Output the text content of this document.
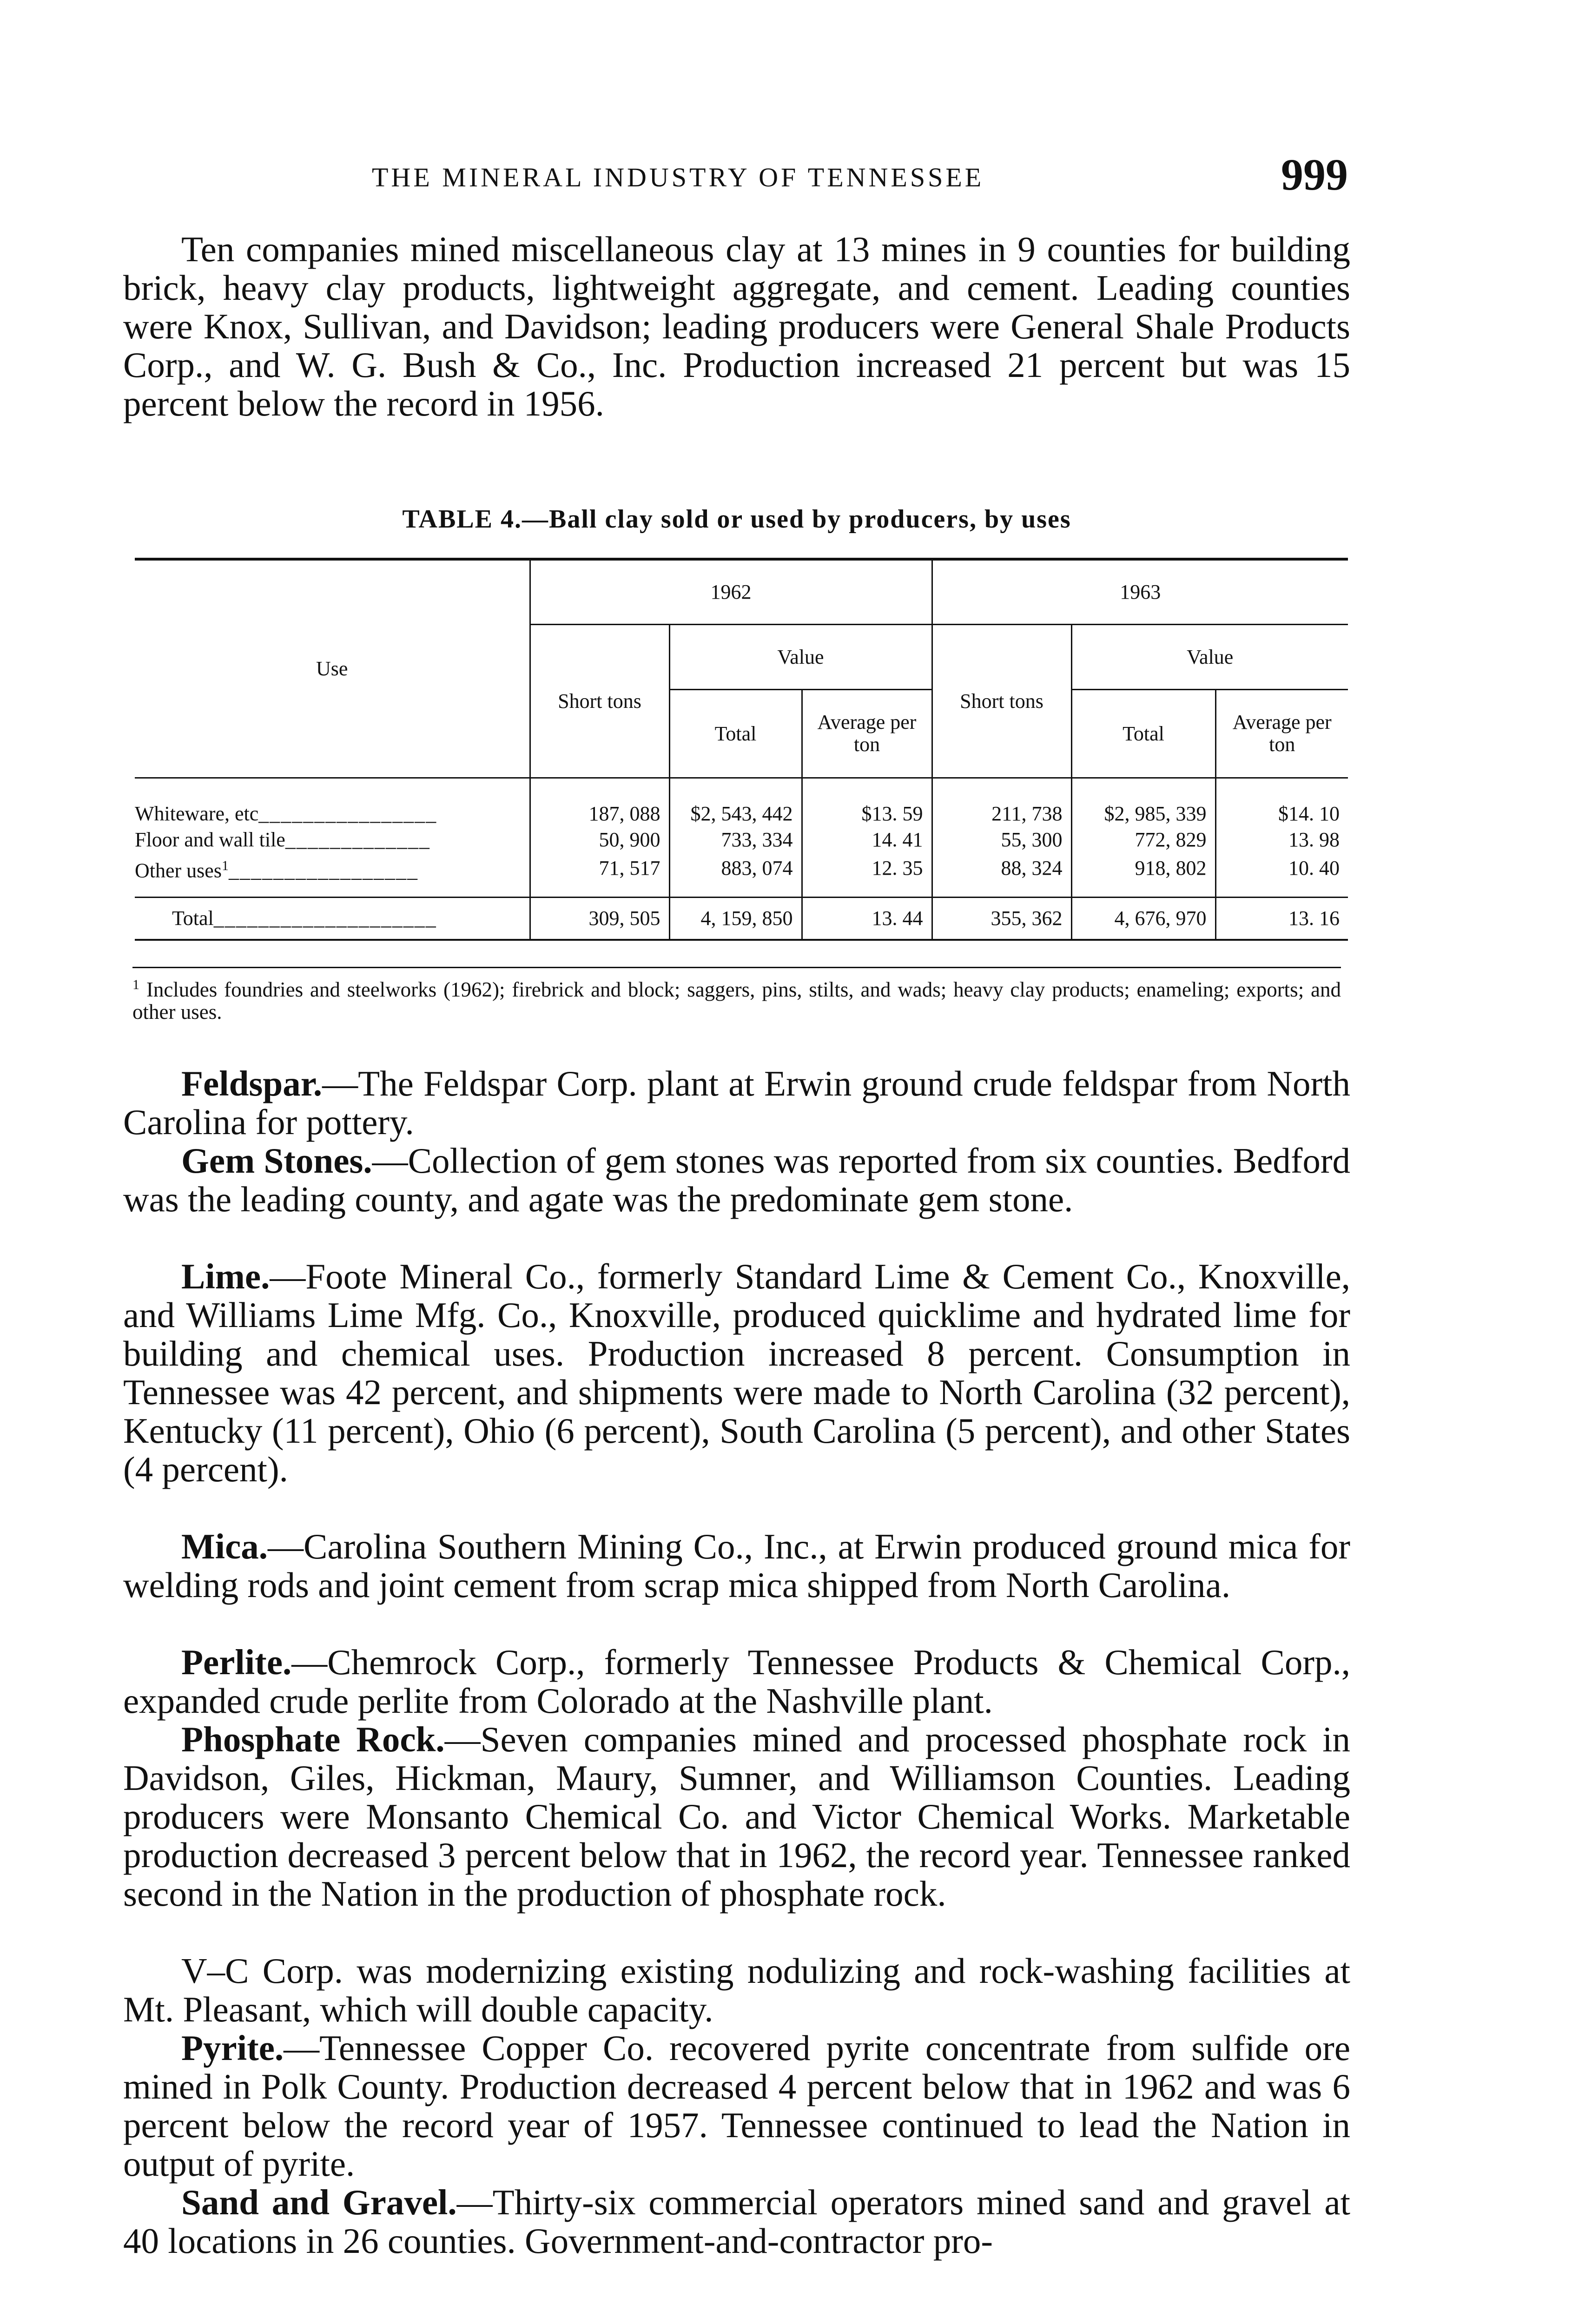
THE MINERAL INDUSTRY OF TENNESSEE	999

Ten companies mined miscellaneous clay at 13 mines in 9 counties for building brick, heavy clay products, lightweight aggregate, and cement. Leading counties were Knox, Sullivan, and Davidson; leading producers were General Shale Products Corp., and W. G. Bush & Co., Inc. Production increased 21 percent but was 15 percent below the record in 1956.

TABLE 4.—Ball clay sold or used by producers, by uses
Use	1962			1963		
	Short tons	Value		Short tons	Value	
		Total	Average per ton		Total	Average per ton
Whiteware, etc________________	187, 088	$2, 543, 442	$13. 59	211, 738	$2, 985, 339	$14. 10
Floor and wall tile_____________	50, 900	733, 334	14. 41	55, 300	772, 829	13. 98
Other uses$^1$_________________	71, 517	883, 074	12. 35	88, 324	918, 802	10. 40
Total____________________	309, 505	4, 159, 850	13. 44	355, 362	4, 676, 970	13. 16

$^1$ Includes foundries and steelworks (1962); firebrick and block; saggers, pins, stilts, and wads; heavy clay products; enameling; exports; and other uses.

Feldspar.—The Feldspar Corp. plant at Erwin ground crude feldspar from North Carolina for pottery.

Gem Stones.—Collection of gem stones was reported from six counties. Bedford was the leading county, and agate was the predominate gem stone.

Lime.—Foote Mineral Co., formerly Standard Lime & Cement Co., Knoxville, and Williams Lime Mfg. Co., Knoxville, produced quicklime and hydrated lime for building and chemical uses. Production increased 8 percent. Consumption in Tennessee was 42 percent, and shipments were made to North Carolina (32 percent), Kentucky (11 percent), Ohio (6 percent), South Carolina (5 percent), and other States (4 percent).

Mica.—Carolina Southern Mining Co., Inc., at Erwin produced ground mica for welding rods and joint cement from scrap mica shipped from North Carolina.

Perlite.—Chemrock Corp., formerly Tennessee Products & Chemical Corp., expanded crude perlite from Colorado at the Nashville plant.

Phosphate Rock.—Seven companies mined and processed phosphate rock in Davidson, Giles, Hickman, Maury, Sumner, and Williamson Counties. Leading producers were Monsanto Chemical Co. and Victor Chemical Works. Marketable production decreased 3 percent below that in 1962, the record year. Tennessee ranked second in the Nation in the production of phosphate rock.

V–C Corp. was modernizing existing nodulizing and rock-washing facilities at Mt. Pleasant, which will double capacity.

Pyrite.—Tennessee Copper Co. recovered pyrite concentrate from sulfide ore mined in Polk County. Production decreased 4 percent below that in 1962 and was 6 percent below the record year of 1957. Tennessee continued to lead the Nation in output of pyrite.

Sand and Gravel.—Thirty-six commercial operators mined sand and gravel at 40 locations in 26 counties. Government-and-contractor pro-
